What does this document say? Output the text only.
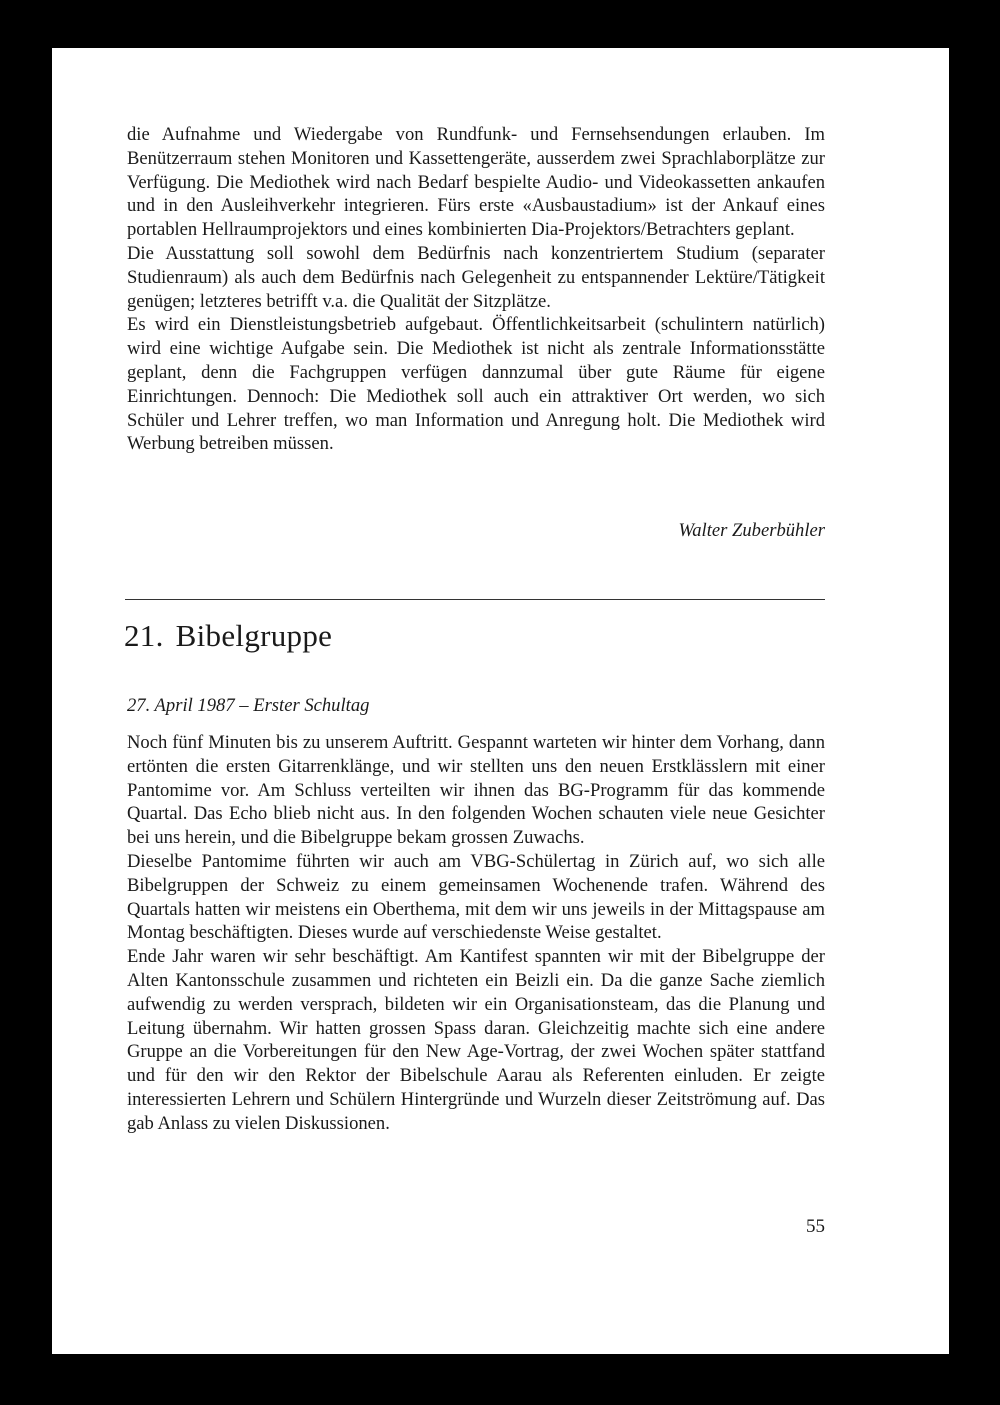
die Aufnahme und Wiedergabe von Rundfunk- und Fernsehsendungen erlauben. Im Benützerraum stehen Monitoren und Kassettengeräte, ausserdem zwei Sprachlaborplätze zur Verfügung. Die Mediothek wird nach Bedarf bespielte Audio- und Videokassetten ankaufen und in den Ausleihverkehr integrieren. Fürs erste «Ausbaustadium» ist der Ankauf eines portablen Hellraumprojektors und eines kombinierten Dia-Projektors/Betrachters geplant.

Die Ausstattung soll sowohl dem Bedürfnis nach konzentriertem Studium (separater Studienraum) als auch dem Bedürfnis nach Gelegenheit zu entspannender Lektüre/Tätigkeit genügen; letzteres betrifft v.a. die Qualität der Sitzplätze.

Es wird ein Dienstleistungsbetrieb aufgebaut. Öffentlichkeitsarbeit (schulintern natürlich) wird eine wichtige Aufgabe sein. Die Mediothek ist nicht als zentrale Informationsstätte geplant, denn die Fachgruppen verfügen dannzumal über gute Räume für eigene Einrichtungen. Dennoch: Die Mediothek soll auch ein attraktiver Ort werden, wo sich Schüler und Lehrer treffen, wo man Information und Anregung holt. Die Mediothek wird Werbung betreiben müssen.

Walter Zuberbühler
21. Bibelgruppe
27. April 1987 – Erster Schultag

Noch fünf Minuten bis zu unserem Auftritt. Gespannt warteten wir hinter dem Vorhang, dann ertönten die ersten Gitarrenklänge, und wir stellten uns den neuen Erstklässlern mit einer Pantomime vor. Am Schluss verteilten wir ihnen das BG-Programm für das kommende Quartal. Das Echo blieb nicht aus. In den folgenden Wochen schauten viele neue Gesichter bei uns herein, und die Bibelgruppe bekam grossen Zuwachs.

Dieselbe Pantomime führten wir auch am VBG-Schülertag in Zürich auf, wo sich alle Bibelgruppen der Schweiz zu einem gemeinsamen Wochenende trafen. Während des Quartals hatten wir meistens ein Oberthema, mit dem wir uns jeweils in der Mittagspause am Montag beschäftigten. Dieses wurde auf verschiedenste Weise gestaltet.

Ende Jahr waren wir sehr beschäftigt. Am Kantifest spannten wir mit der Bibelgruppe der Alten Kantonsschule zusammen und richteten ein Beizli ein. Da die ganze Sache ziemlich aufwendig zu werden versprach, bildeten wir ein Organisationsteam, das die Planung und Leitung übernahm. Wir hatten grossen Spass daran. Gleichzeitig machte sich eine andere Gruppe an die Vorbereitungen für den New Age-Vortrag, der zwei Wochen später stattfand und für den wir den Rektor der Bibelschule Aarau als Referenten einluden. Er zeigte interessierten Lehrern und Schülern Hintergründe und Wurzeln dieser Zeitströmung auf. Das gab Anlass zu vielen Diskussionen.

55
